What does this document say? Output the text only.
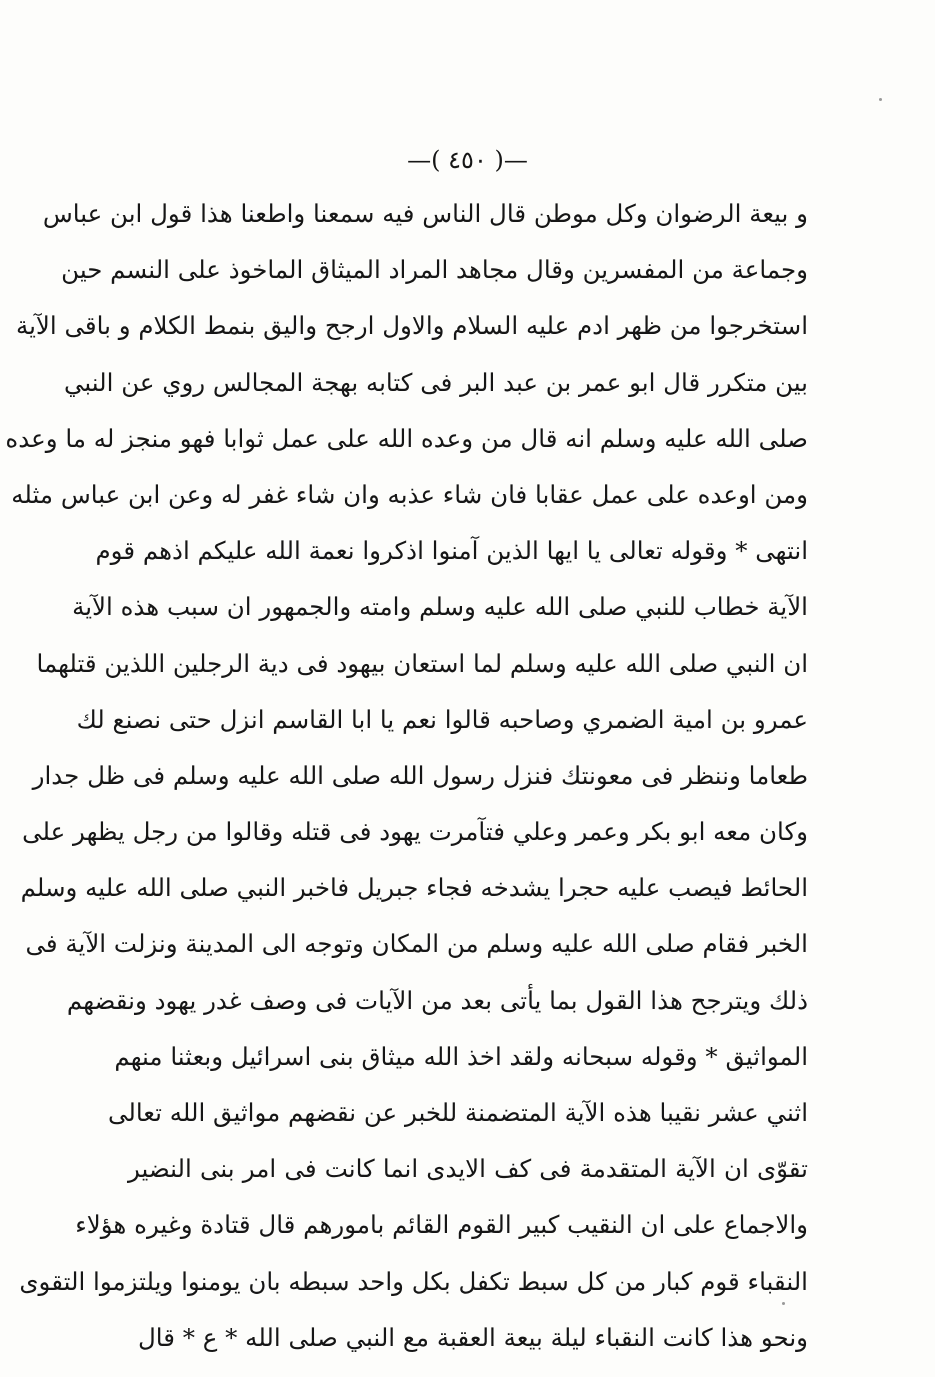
—( ٤٥٠ )—
و بيعة الرضوان وكل موطن قال الناس فيه سمعنا واطعنا هذا قول ابن عباس
وجماعة من المفسرين وقال مجاهد المراد الميثاق الماخوذ على النسم حين
استخرجوا من ظهر ادم عليه السلام والاول ارجح واليق بنمط الكلام و باقى الآية
بين متكرر قال ابو عمر بن عبد البر فى كتابه بهجة المجالس روي عن النبي
صلى الله عليه وسلم انه قال من وعده الله على عمل ثوابا فهو منجز له ما وعده
ومن اوعده على عمل عقابا فان شاء عذبه وان شاء غفر له وعن ابن عباس مثله
انتهى * وقوله تعالى يا ايها الذين آمنوا اذكروا نعمة الله عليكم اذهم قوم
الآية خطاب للنبي صلى الله عليه وسلم وامته والجمهور ان سبب هذه الآية
ان النبي صلى الله عليه وسلم لما استعان بيهود فى دية الرجلين اللذين قتلهما
عمرو بن امية الضمري وصاحبه قالوا نعم يا ابا القاسم انزل حتى نصنع لك
طعاما وننظر فى معونتك فنزل رسول الله صلى الله عليه وسلم فى ظل جدار
وكان معه ابو بكر وعمر وعلي فتآمرت يهود فى قتله وقالوا من رجل يظهر على
الحائط فيصب عليه حجرا يشدخه فجاء جبريل فاخبر النبي صلى الله عليه وسلم
الخبر فقام صلى الله عليه وسلم من المكان وتوجه الى المدينة ونزلت الآية فى
ذلك ويترجح هذا القول بما يأتى بعد من الآيات فى وصف غدر يهود ونقضهم
المواثيق * وقوله سبحانه ولقد اخذ الله ميثاق بنى اسرائيل وبعثنا منهم
اثني عشر نقيبا هذه الآية المتضمنة للخبر عن نقضهم مواثيق الله تعالى
تقوّى ان الآية المتقدمة فى كف الايدى انما كانت فى امر بنى النضير
والاجماع على ان النقيب كبير القوم القائم بامورهم قال قتادة وغيره هؤلاء
النقباء قوم كبار من كل سبط تكفل بكل واحد سبطه بان يومنوا ويلتزموا التقوى
ونحو هذا كانت النقباء ليلة بيعة العقبة مع النبي صلى الله * ع * قال
